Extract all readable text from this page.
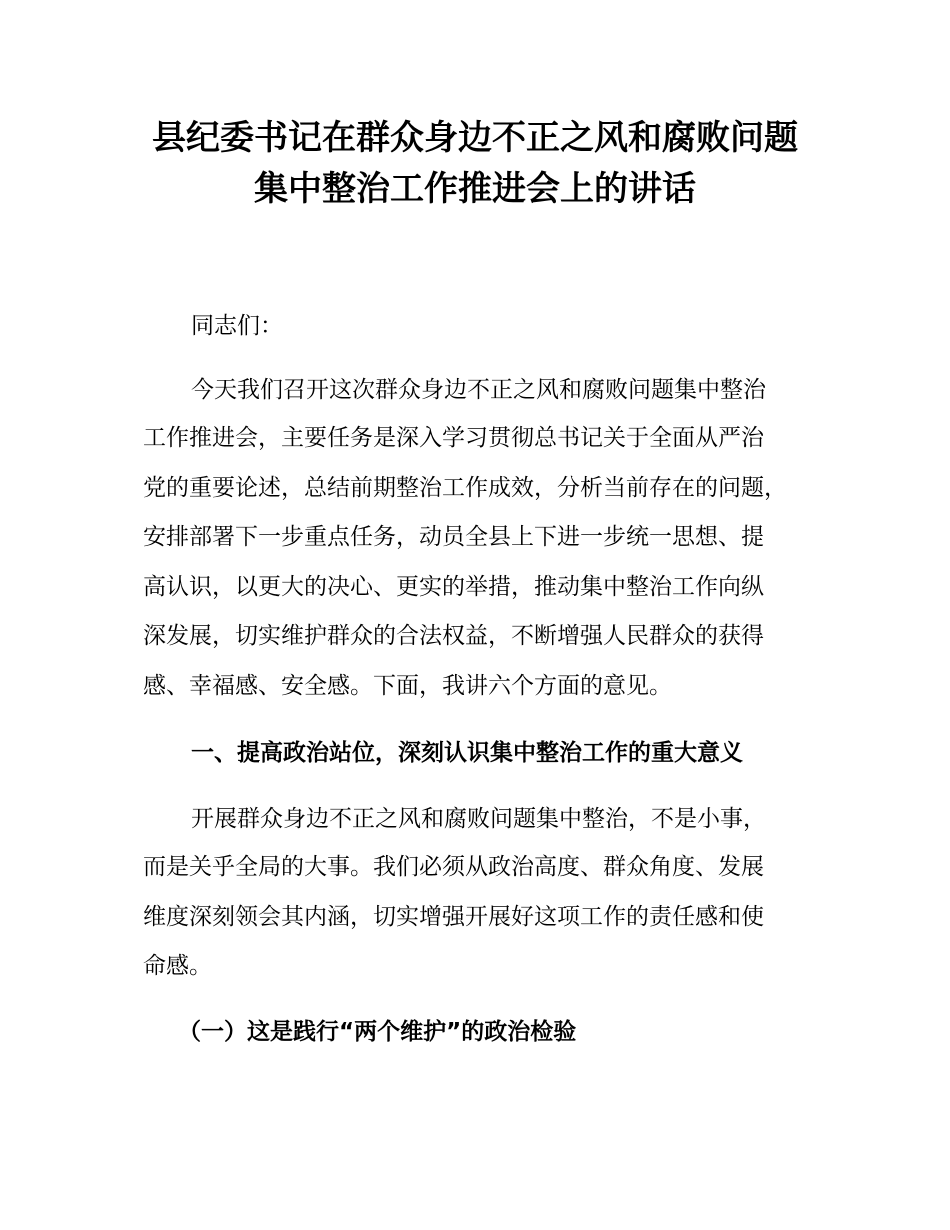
县纪委书记在群众身边不正之风和腐败问题
集中整治工作推进会上的讲话
同志们：
今天我们召开这次群众身边不正之风和腐败问题集中整治
工作推进会，主要任务是深入学习贯彻总书记关于全面从严治
党的重要论述，总结前期整治工作成效，分析当前存在的问题，
安排部署下一步重点任务，动员全县上下进一步统一思想、提
高认识，以更大的决心、更实的举措，推动集中整治工作向纵
深发展，切实维护群众的合法权益，不断增强人民群众的获得
感、幸福感、安全感。下面，我讲六个方面的意见。
一、提高政治站位，深刻认识集中整治工作的重大意义
开展群众身边不正之风和腐败问题集中整治，不是小事，
而是关乎全局的大事。我们必须从政治高度、群众角度、发展
维度深刻领会其内涵，切实增强开展好这项工作的责任感和使
命感。
（一）这是践行“两个维护”的政治检验
